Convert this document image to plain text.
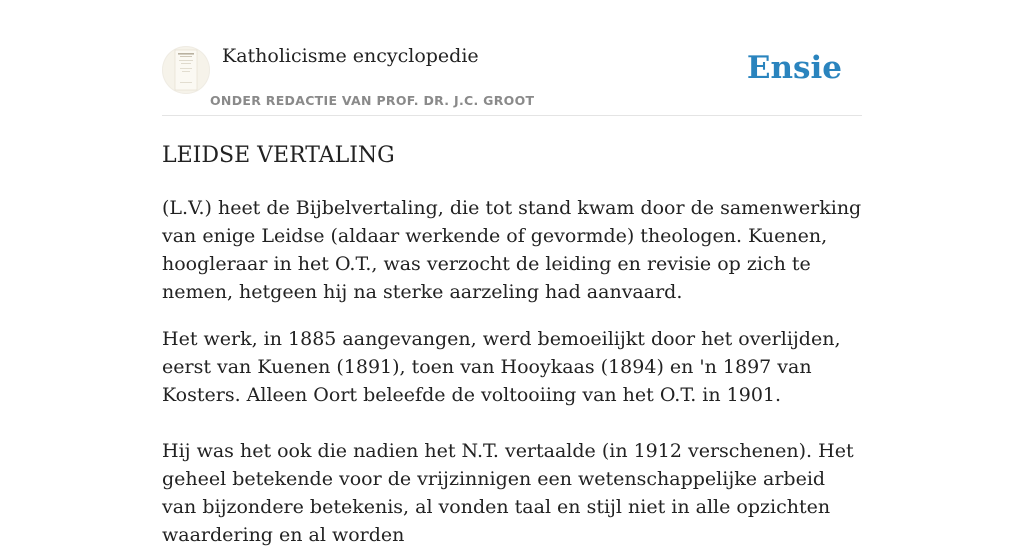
Katholicisme encyclopedie
ONDER REDACTIE VAN PROF. DR. J.C. GROOT
Ensie
LEIDSE VERTALING

(L.V.) heet de Bijbelvertaling, die tot stand kwam door de samenwerking van enige Leidse (aldaar werkende of gevormde) theologen. Kuenen, hoogleraar in het O.T., was verzocht de leiding en revisie op zich te nemen, hetgeen hij na sterke aarzeling had aanvaard.

Het werk, in 1885 aangevangen, werd bemoeilijkt door het overlijden, eerst van Kuenen (1891), toen van Hooykaas (1894) en 'n 1897 van Kosters. Alleen Oort beleefde de voltooiing van het O.T. in 1901.

Hij was het ook die nadien het N.T. vertaalde (in 1912 verschenen). Het geheel betekende voor de vrijzinnigen een wetenschappelijke arbeid van bijzondere betekenis, al vonden taal en stijl niet in alle opzichten waardering en al worden
